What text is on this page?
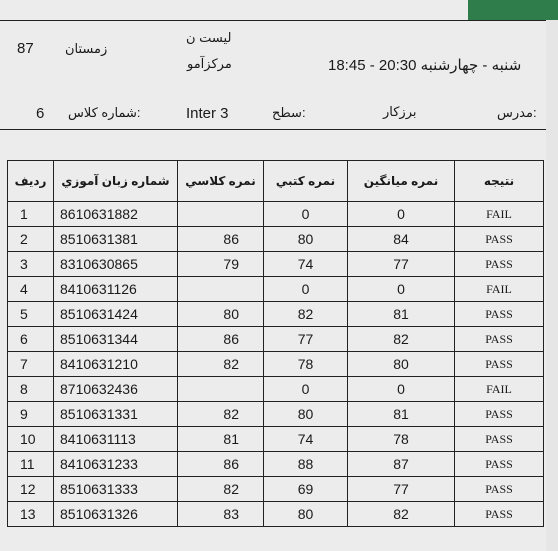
87 زمستان
لیست ن
مرکزآمو	شنبه - چهارشنبه 20:30 - 18:45
6 شماره کلاس:	Inter 3	سطح:	برزکار	مدرس:
رديف	شماره زبان آموزي	نمره كلاسي	نمره كتبي	نمره ميانگين	نتيجه
1	8610631882		0	0	FAIL
2	8510631381	86	80	84	PASS
3	8310630865	79	74	77	PASS
4	8410631126		0	0	FAIL
5	8510631424	80	82	81	PASS
6	8510631344	86	77	82	PASS
7	8410631210	82	78	80	PASS
8	8710632436		0	0	FAIL
9	8510631331	82	80	81	PASS
10	8410631113	81	74	78	PASS
11	8410631233	86	88	87	PASS
12	8510631333	82	69	77	PASS
13	8510631326	83	80	82	PASS
